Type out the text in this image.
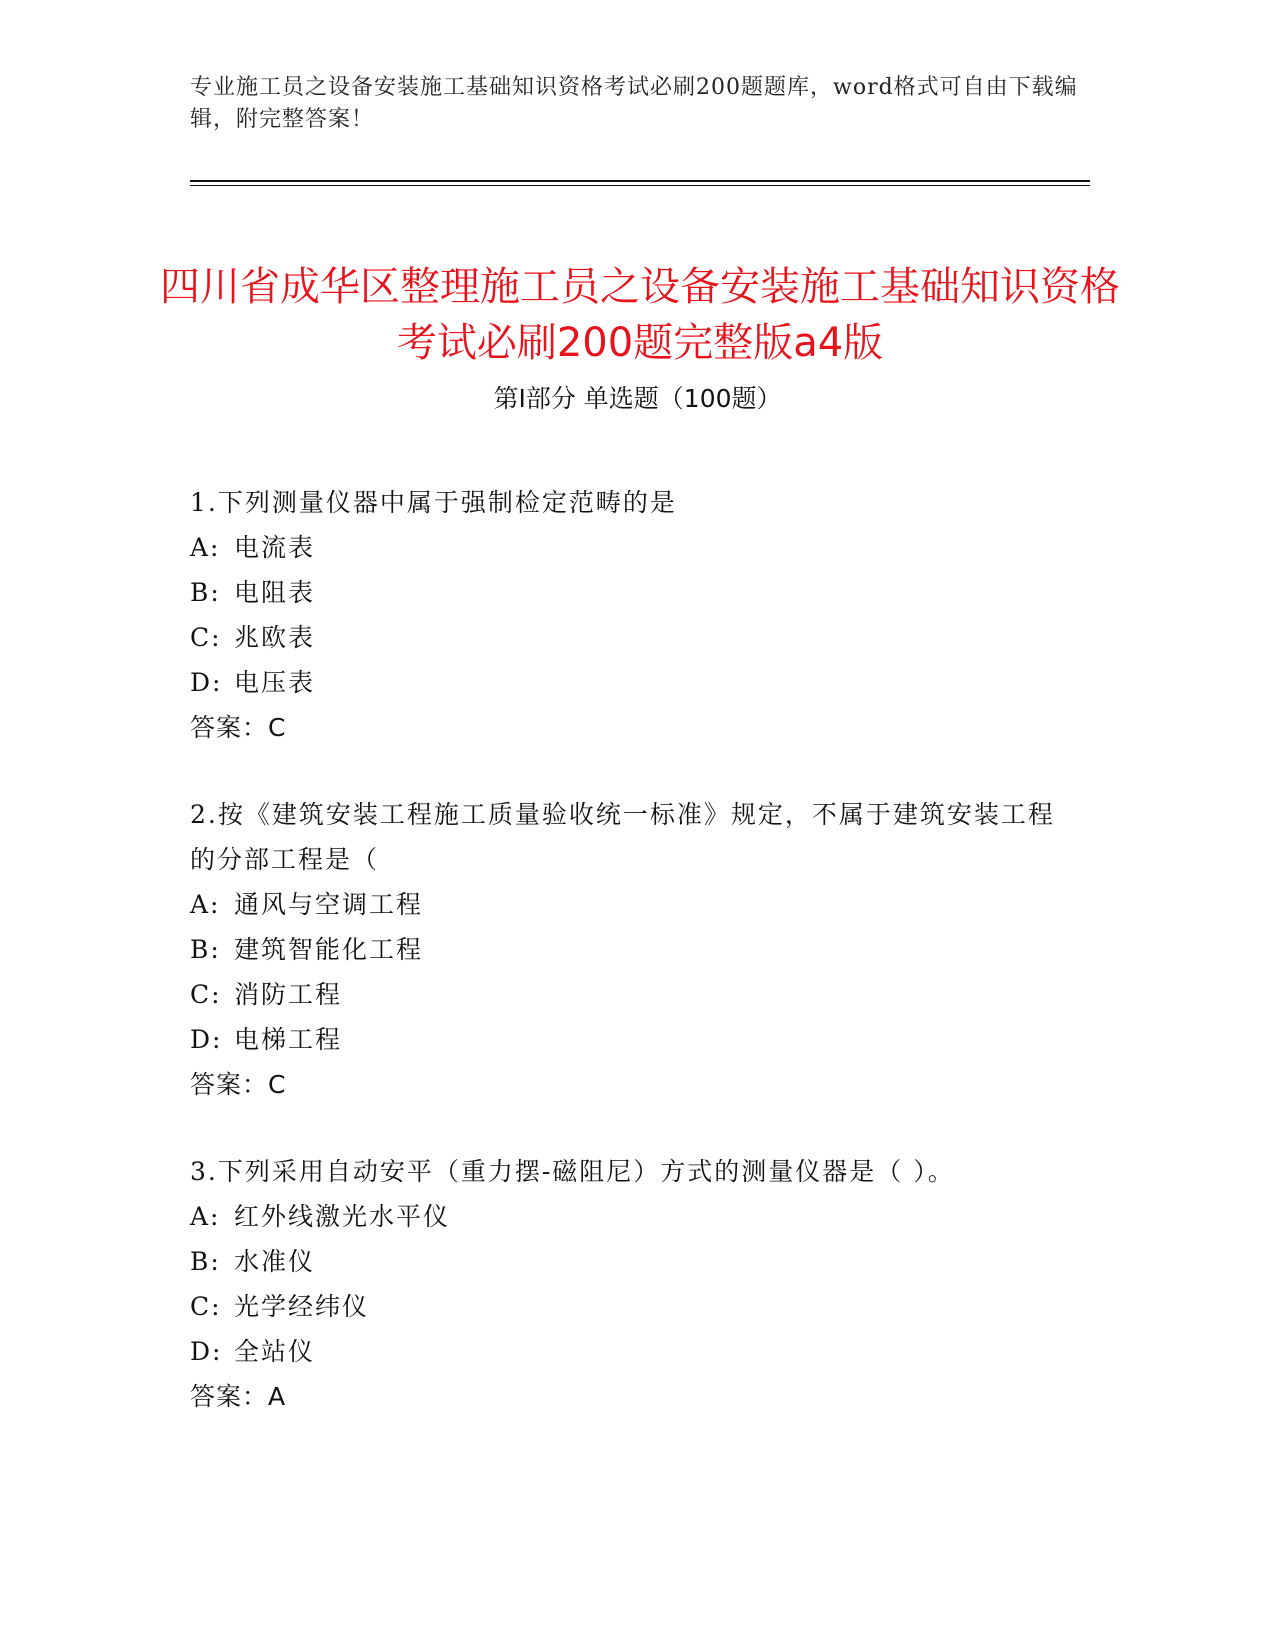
专业施工员之设备安装施工基础知识资格考试必刷200题题库，word格式可自由下载编辑，附完整答案！
四川省成华区整理施工员之设备安装施工基础知识资格考试必刷200题完整版a4版
第I部分 单选题（100题）
1.下列测量仪器中属于强制检定范畴的是
A: 电流表
B: 电阻表
C: 兆欧表
D: 电压表
答案：C
2.按《建筑安装工程施工质量验收统一标准》规定，不属于建筑安装工程的分部工程是（
A: 通风与空调工程
B: 建筑智能化工程
C: 消防工程
D: 电梯工程
答案：C
3.下列采用自动安平（重力摆-磁阻尼）方式的测量仪器是（ ）。
A: 红外线激光水平仪
B: 水准仪
C: 光学经纬仪
D: 全站仪
答案：A
